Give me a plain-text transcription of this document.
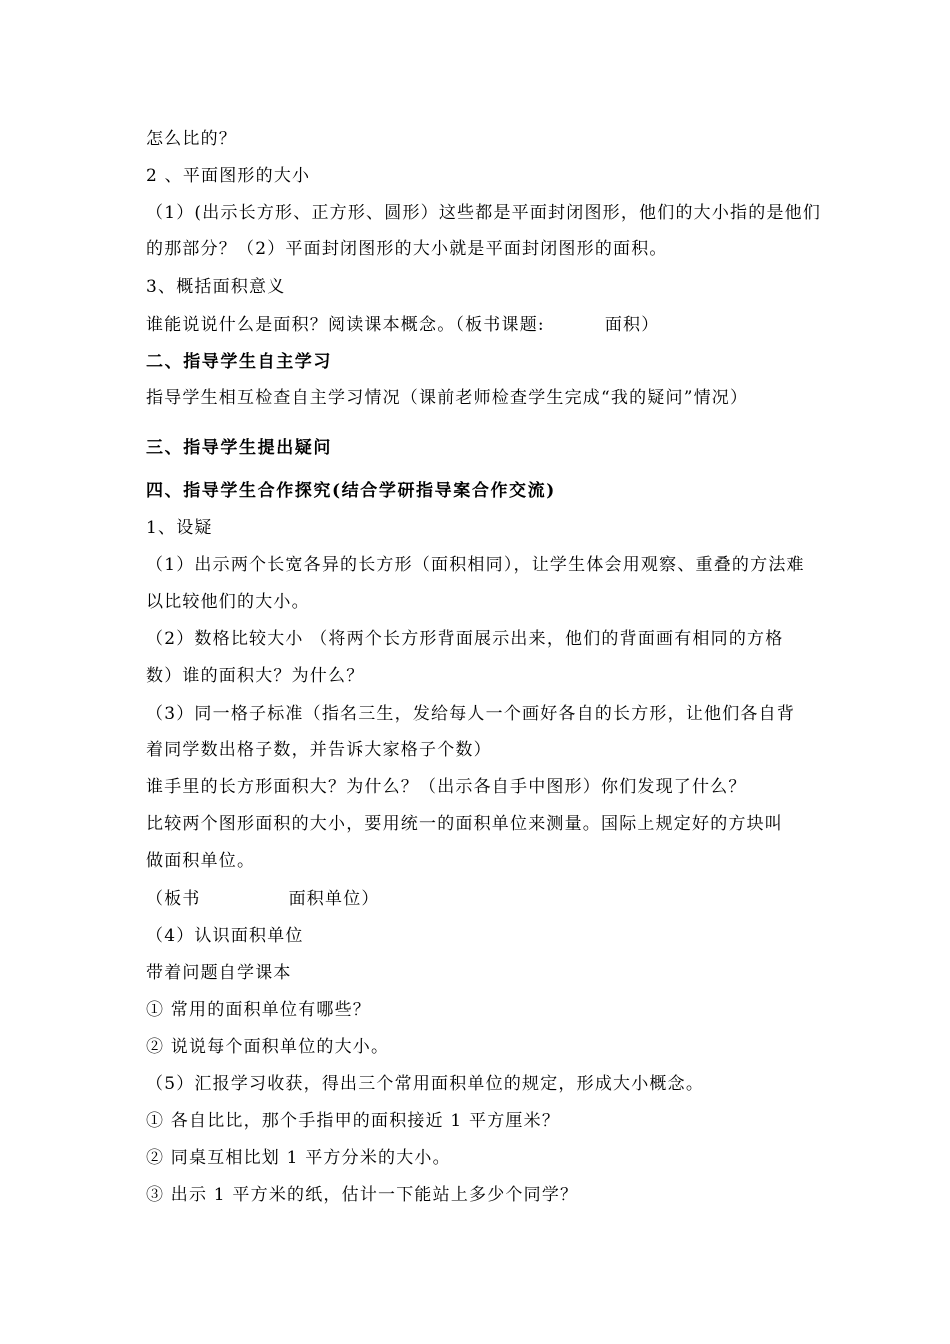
怎么比的？
2 、平面图形的大小
（1）(出示长方形、正方形、圆形）这些都是平面封闭图形，他们的大小指的是他们
的那部分？（2）平面封闭图形的大小就是平面封闭图形的面积。
3、概括面积意义
谁能说说什么是面积？阅读课本概念。（板书课题:	面积）
二、指导学生自主学习
指导学生相互检查自主学习情况（课前老师检查学生完成“我的疑问”情况）
三、指导学生提出疑问
四、指导学生合作探究(结合学研指导案合作交流)
1、设疑
（1）出示两个长宽各异的长方形（面积相同），让学生体会用观察、重叠的方法难
以比较他们的大小。
（2）数格比较大小 （将两个长方形背面展示出来，他们的背面画有相同的方格
数）谁的面积大？为什么？
（3）同一格子标准（指名三生，发给每人一个画好各自的长方形，让他们各自背
着同学数出格子数，并告诉大家格子个数）
谁手里的长方形面积大？为什么？（出示各自手中图形）你们发现了什么？
比较两个图形面积的大小，要用统一的面积单位来测量。国际上规定好的方块叫
做面积单位。
（板书	面积单位）
（4）认识面积单位
带着问题自学课本
① 常用的面积单位有哪些？
② 说说每个面积单位的大小。
（5）汇报学习收获，得出三个常用面积单位的规定，形成大小概念。
① 各自比比，那个手指甲的面积接近 1 平方厘米？
② 同桌互相比划 1 平方分米的大小。
③ 出示 1 平方米的纸，估计一下能站上多少个同学？
